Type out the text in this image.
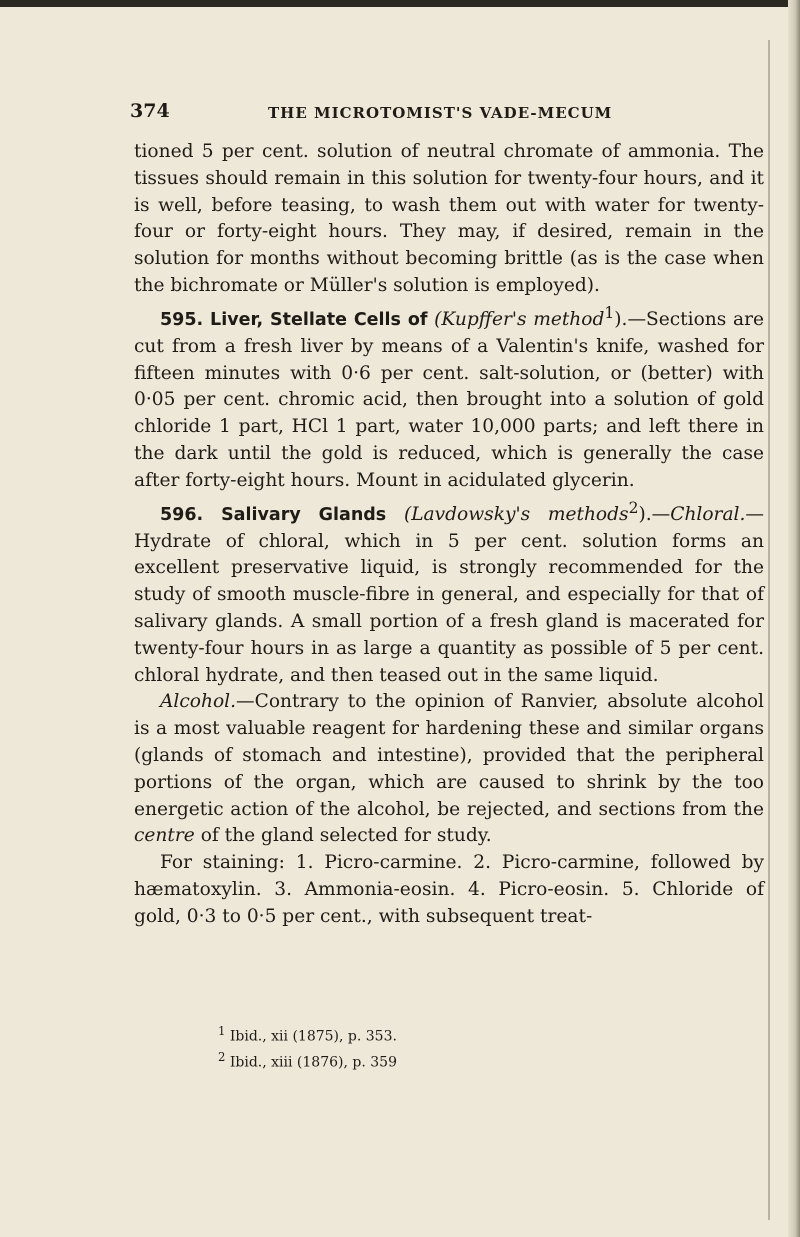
374	THE MICROTOMIST'S VADE-MECUM

tioned 5 per cent. solution of neutral chromate of ammonia. The tissues should remain in this solution for twenty-four hours, and it is well, before teasing, to wash them out with water for twenty-four or forty-eight hours. They may, if desired, remain in the solution for months without becoming brittle (as is the case when the bichromate or Müller's solution is employed).

595. Liver, Stellate Cells of (Kupffer's method$^1$).—Sections are cut from a fresh liver by means of a Valentin's knife, washed for fifteen minutes with 0·6 per cent. salt-solution, or (better) with 0·05 per cent. chromic acid, then brought into a solution of gold chloride 1 part, HCl 1 part, water 10,000 parts; and left there in the dark until the gold is reduced, which is generally the case after forty-eight hours. Mount in acidulated glycerin.

596. Salivary Glands (Lavdowsky's methods$^2$).—Chloral.— Hydrate of chloral, which in 5 per cent. solution forms an excellent preservative liquid, is strongly recommended for the study of smooth muscle-fibre in general, and especially for that of salivary glands. A small portion of a fresh gland is macerated for twenty-four hours in as large a quantity as possible of 5 per cent. chloral hydrate, and then teased out in the same liquid.

Alcohol.—Contrary to the opinion of Ranvier, absolute alcohol is a most valuable reagent for hardening these and similar organs (glands of stomach and intestine), provided that the peripheral portions of the organ, which are caused to shrink by the too energetic action of the alcohol, be rejected, and sections from the centre of the gland selected for study.

For staining: 1. Picro-carmine. 2. Picro-carmine, followed by hæmatoxylin. 3. Ammonia-eosin. 4. Picro-eosin. 5. Chloride of gold, 0·3 to 0·5 per cent., with subsequent treat-

$^1$ Ibid., xii (1875), p. 353.
$^2$ Ibid., xiii (1876), p. 359
